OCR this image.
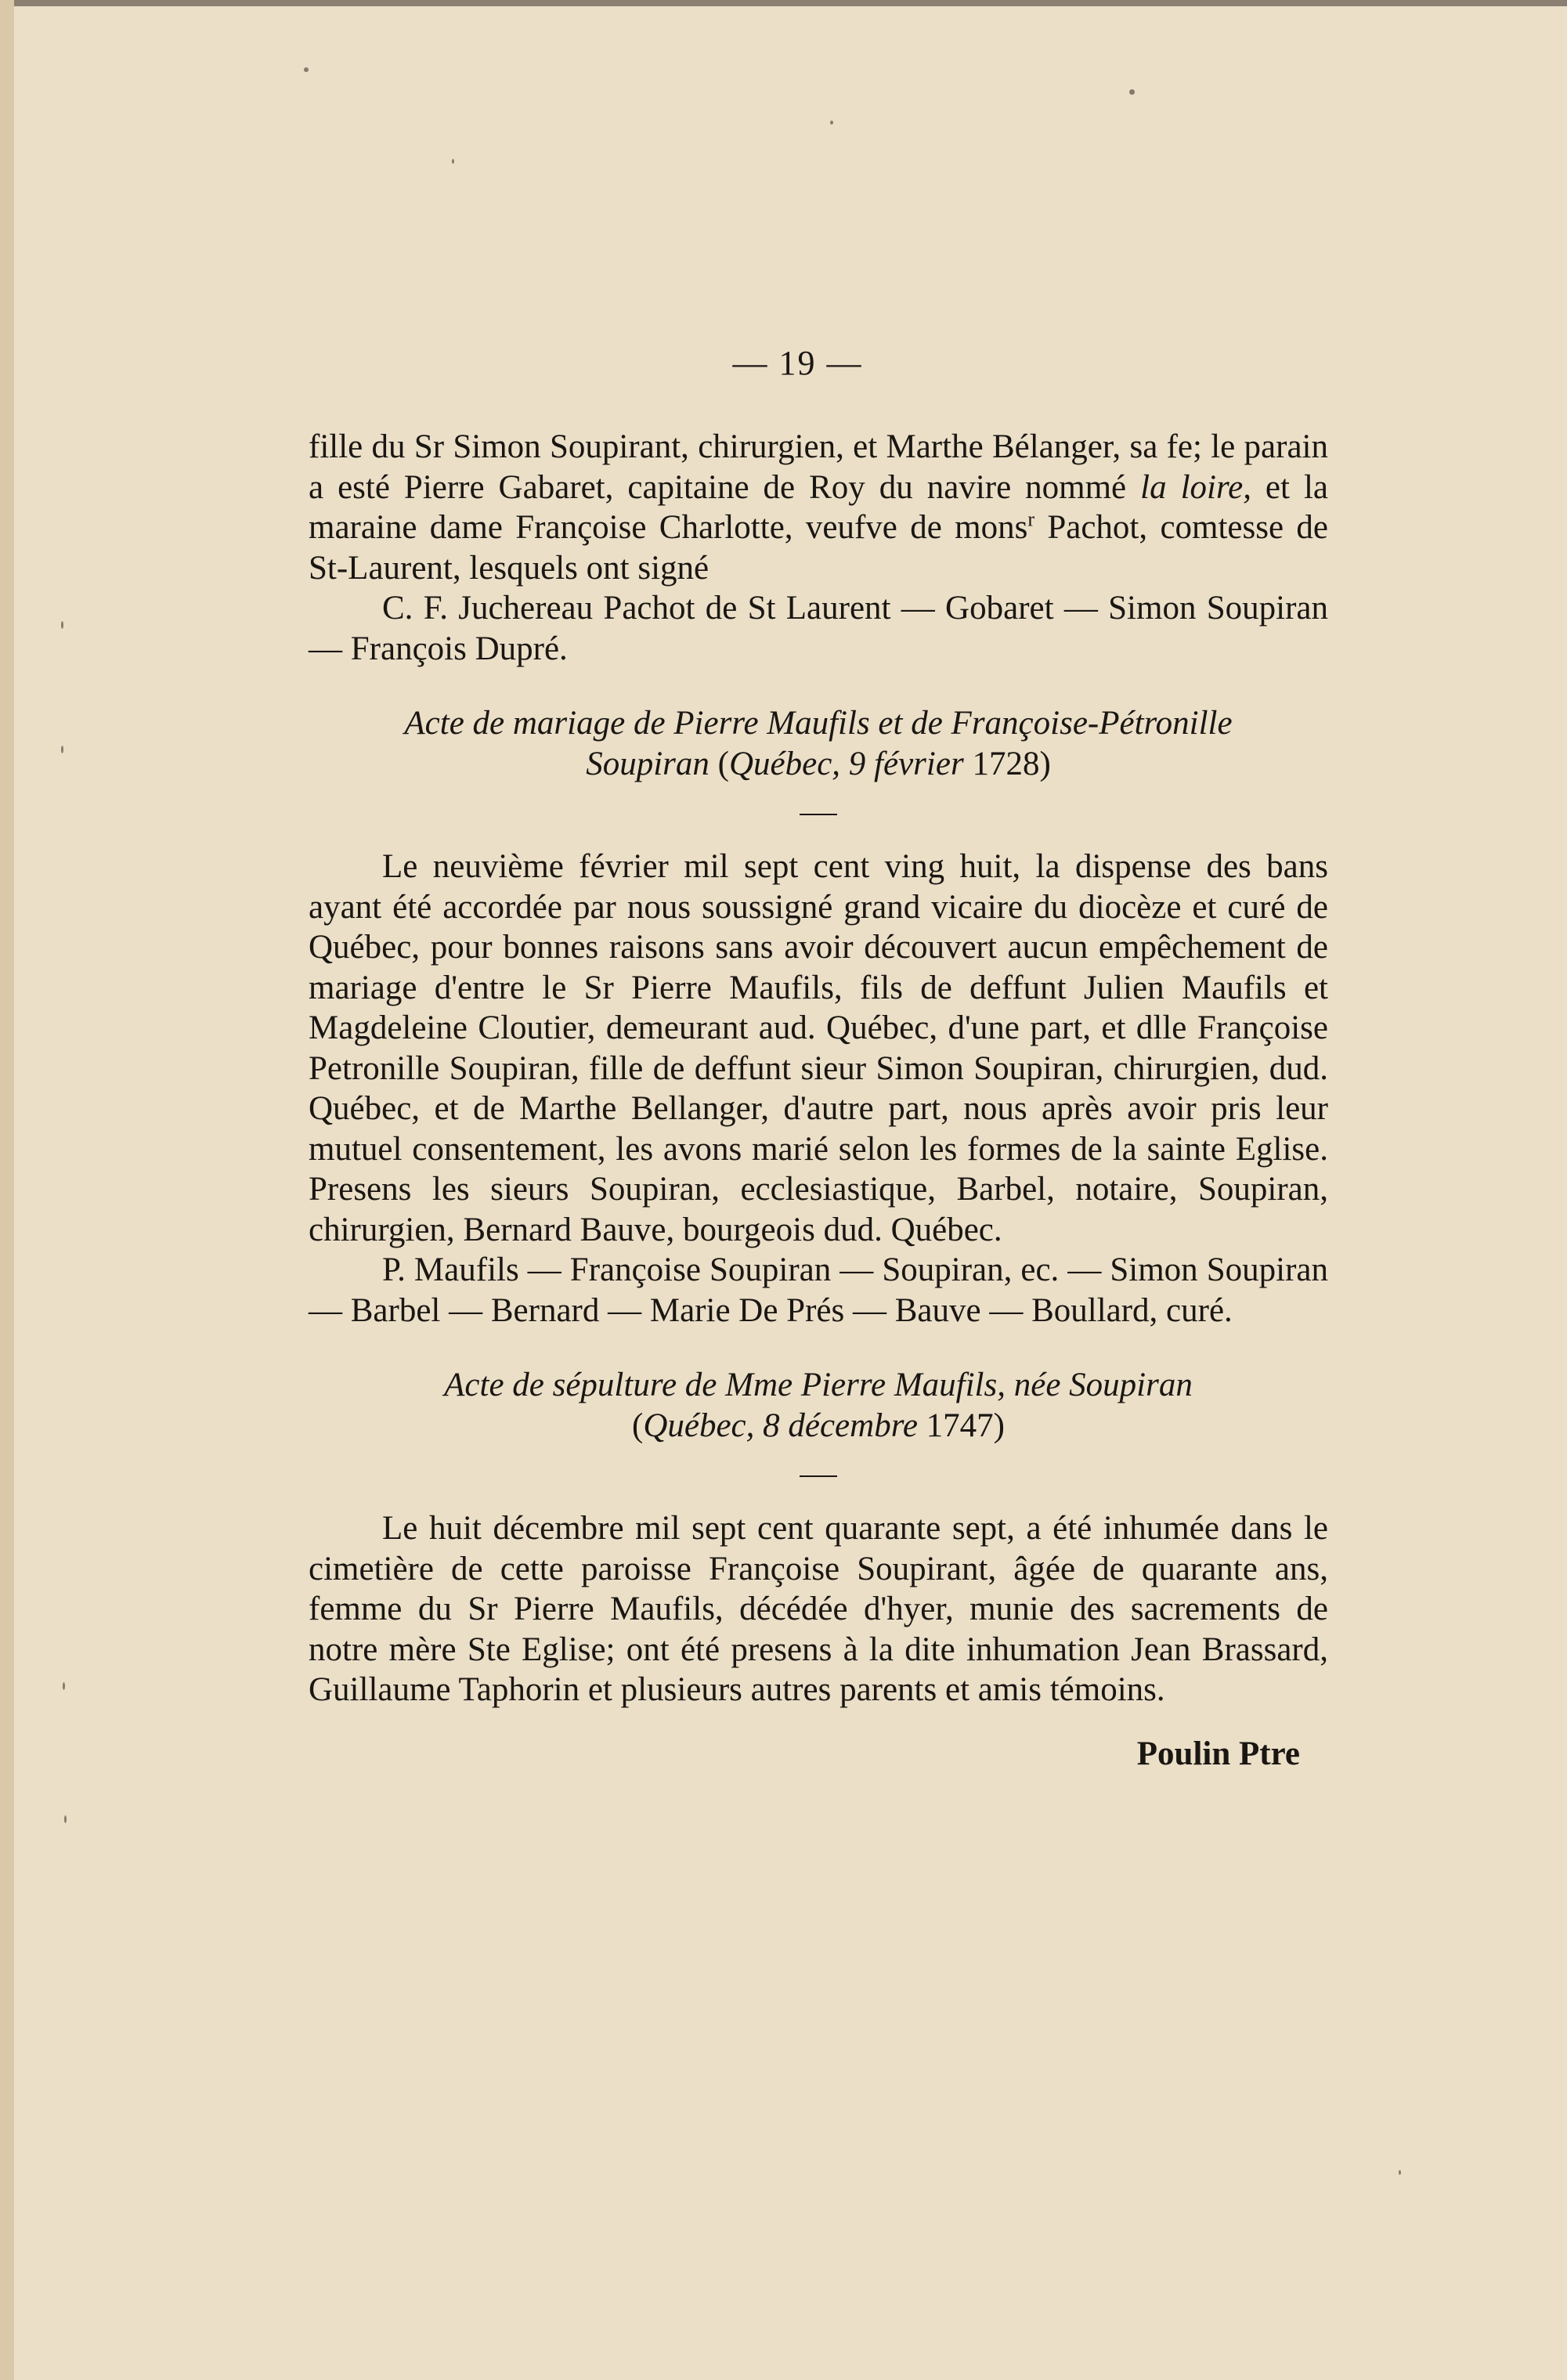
— 19 —

fille du Sr Simon Soupirant, chirurgien, et Marthe Bélanger, sa fe; le parain a esté Pierre Gabaret, capitaine de Roy du navire nommé la loire, et la maraine dame Françoise Charlotte, veufve de mons$^r$ Pachot, comtesse de St-Laurent, lesquels ont signé

C. F. Juchereau Pachot de St Laurent — Gobaret — Simon Soupiran — François Dupré.

Acte de mariage de Pierre Maufils et de Françoise-Pétronille
Soupiran (Québec, 9 février 1728)

Le neuvième février mil sept cent ving huit, la dispense des bans ayant été accordée par nous soussigné grand vicaire du diocèze et curé de Québec, pour bonnes raisons sans avoir découvert aucun empêchement de mariage d'entre le Sr Pierre Maufils, fils de deffunt Julien Maufils et Magdeleine Cloutier, demeurant aud. Québec, d'une part, et dlle Françoise Petronille Soupiran, fille de deffunt sieur Simon Soupiran, chirurgien, dud. Québec, et de Marthe Bellanger, d'autre part, nous après avoir pris leur mutuel consentement, les avons marié selon les formes de la sainte Eglise. Presens les sieurs Soupiran, ecclesiastique, Barbel, notaire, Soupiran, chirurgien, Bernard Bauve, bourgeois dud. Québec.

P. Maufils — Françoise Soupiran — Soupiran, ec. — Simon Soupiran — Barbel — Bernard — Marie De Prés — Bauve — Boullard, curé.

Acte de sépulture de Mme Pierre Maufils, née Soupiran
(Québec, 8 décembre 1747)

Le huit décembre mil sept cent quarante sept, a été inhumée dans le cimetière de cette paroisse Françoise Soupirant, âgée de quarante ans, femme du Sr Pierre Maufils, décédée d'hyer, munie des sacrements de notre mère Ste Eglise; ont été presens à la dite inhumation Jean Brassard, Guillaume Taphorin et plusieurs autres parents et amis témoins.

Poulin Ptre
